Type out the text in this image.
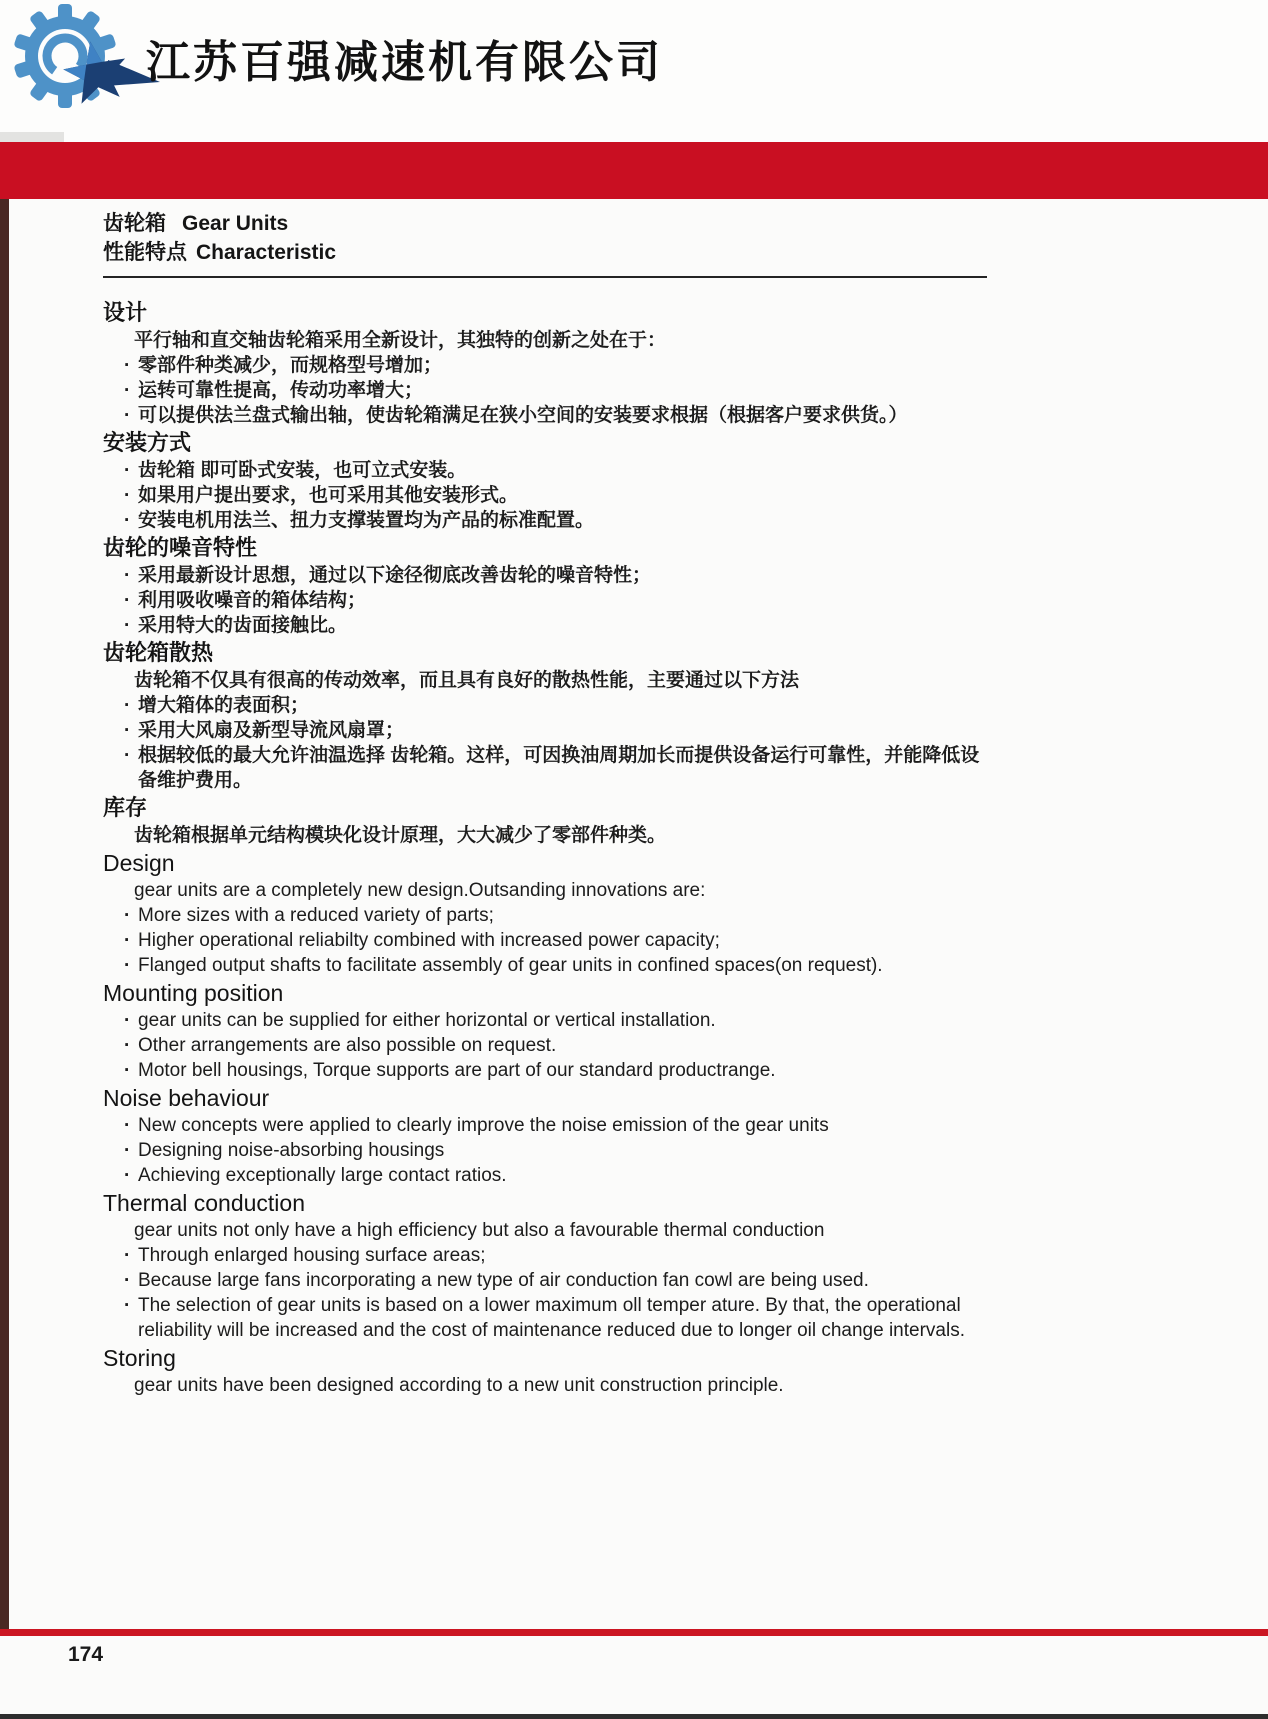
江苏百强减速机有限公司
齿轮箱 Gear Units
性能特点 Characteristic
设计
平行轴和直交轴齿轮箱采用全新设计，其独特的创新之处在于：
· 零部件种类减少，而规格型号增加；
· 运转可靠性提高，传动功率增大；
· 可以提供法兰盘式输出轴，使齿轮箱满足在狭小空间的安装要求根据（根据客户要求供货。）
安装方式
· 齿轮箱 即可卧式安装，也可立式安装。
· 如果用户提出要求，也可采用其他安装形式。
· 安装电机用法兰、扭力支撑装置均为产品的标准配置。
齿轮的噪音特性
· 采用最新设计思想，通过以下途径彻底改善齿轮的噪音特性；
· 利用吸收噪音的箱体结构；
· 采用特大的齿面接触比。
齿轮箱散热
齿轮箱不仅具有很高的传动效率，而且具有良好的散热性能，主要通过以下方法
· 增大箱体的表面积；
· 采用大风扇及新型导流风扇罩；
· 根据较低的最大允许油温选择 齿轮箱。这样，可因换油周期加长而提供设备运行可靠性，并能降低设
备维护费用。
库存
齿轮箱根据单元结构模块化设计原理，大大减少了零部件种类。
Design
gear units are a completely new design.Outsanding innovations are:
· More sizes with a reduced variety of parts;
· Higher operational reliabilty combined with increased power capacity;
· Flanged output shafts to facilitate assembly of gear units in confined spaces(on request).
Mounting position
· gear units can be supplied for either horizontal or vertical installation.
· Other arrangements are also possible on request.
· Motor bell housings, Torque supports are part of our standard productrange.
Noise behaviour
· New concepts were applied to clearly improve the noise emission of the gear units
· Designing noise-absorbing housings
· Achieving exceptionally large contact ratios.
Thermal conduction
gear units not only have a high efficiency but also a favourable thermal conduction
· Through enlarged housing surface areas;
· Because large fans incorporating a new type of air conduction fan cowl are being used.
· The selection of gear units is based on a lower maximum oll temper ature. By that, the operational
reliability will be increased and the cost of maintenance reduced due to longer oil change intervals.
Storing
gear units have been designed according to a new unit construction principle.
174
